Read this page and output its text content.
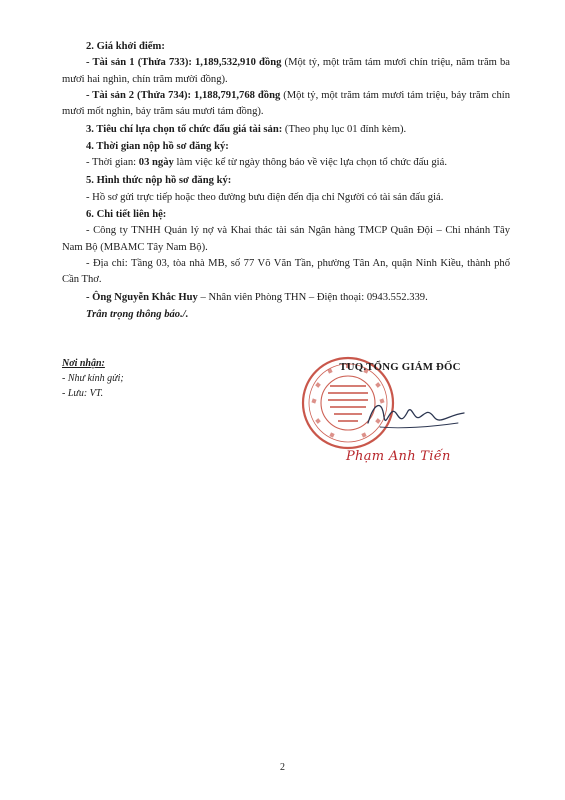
2. Giá khởi điểm:

- Tài sản 1 (Thửa 733): 1,189,532,910 đồng (Một tỷ, một trăm tám mươi chín triệu, năm trăm ba mươi hai nghìn, chín trăm mười đồng).

- Tài sản 2 (Thửa 734): 1,188,791,768 đồng (Một tỷ, một trăm tám mươi tám triệu, bảy trăm chín mươi mốt nghìn, bảy trăm sáu mươi tám đồng).

3. Tiêu chí lựa chọn tổ chức đấu giá tài sản: (Theo phụ lục 01 đính kèm).

4. Thời gian nộp hồ sơ đăng ký:

- Thời gian: 03 ngày làm việc kể từ ngày thông báo về việc lựa chọn tổ chức đấu giá.

5. Hình thức nộp hồ sơ đăng ký:

- Hồ sơ gửi trực tiếp hoặc theo đường bưu điện đến địa chỉ Người có tài sản đấu giá.

6. Chi tiết liên hệ:

- Công ty TNHH Quản lý nợ và Khai thác tài sản Ngân hàng TMCP Quân Đội – Chi nhánh Tây Nam Bộ (MBAMC Tây Nam Bộ).

- Địa chỉ: Tầng 03, tòa nhà MB, số 77 Võ Văn Tần, phường Tân An, quận Ninh Kiều, thành phố Cần Thơ.

- Ông Nguyễn Khắc Huy – Nhân viên Phòng THN – Điện thoại: 0943.552.339.

Trân trọng thông báo./.

Nơi nhận:
- Như kính gửi;
- Lưu: VT.
TUQ.TỔNG GIÁM ĐỐC
Phạm Anh Tiến
2
